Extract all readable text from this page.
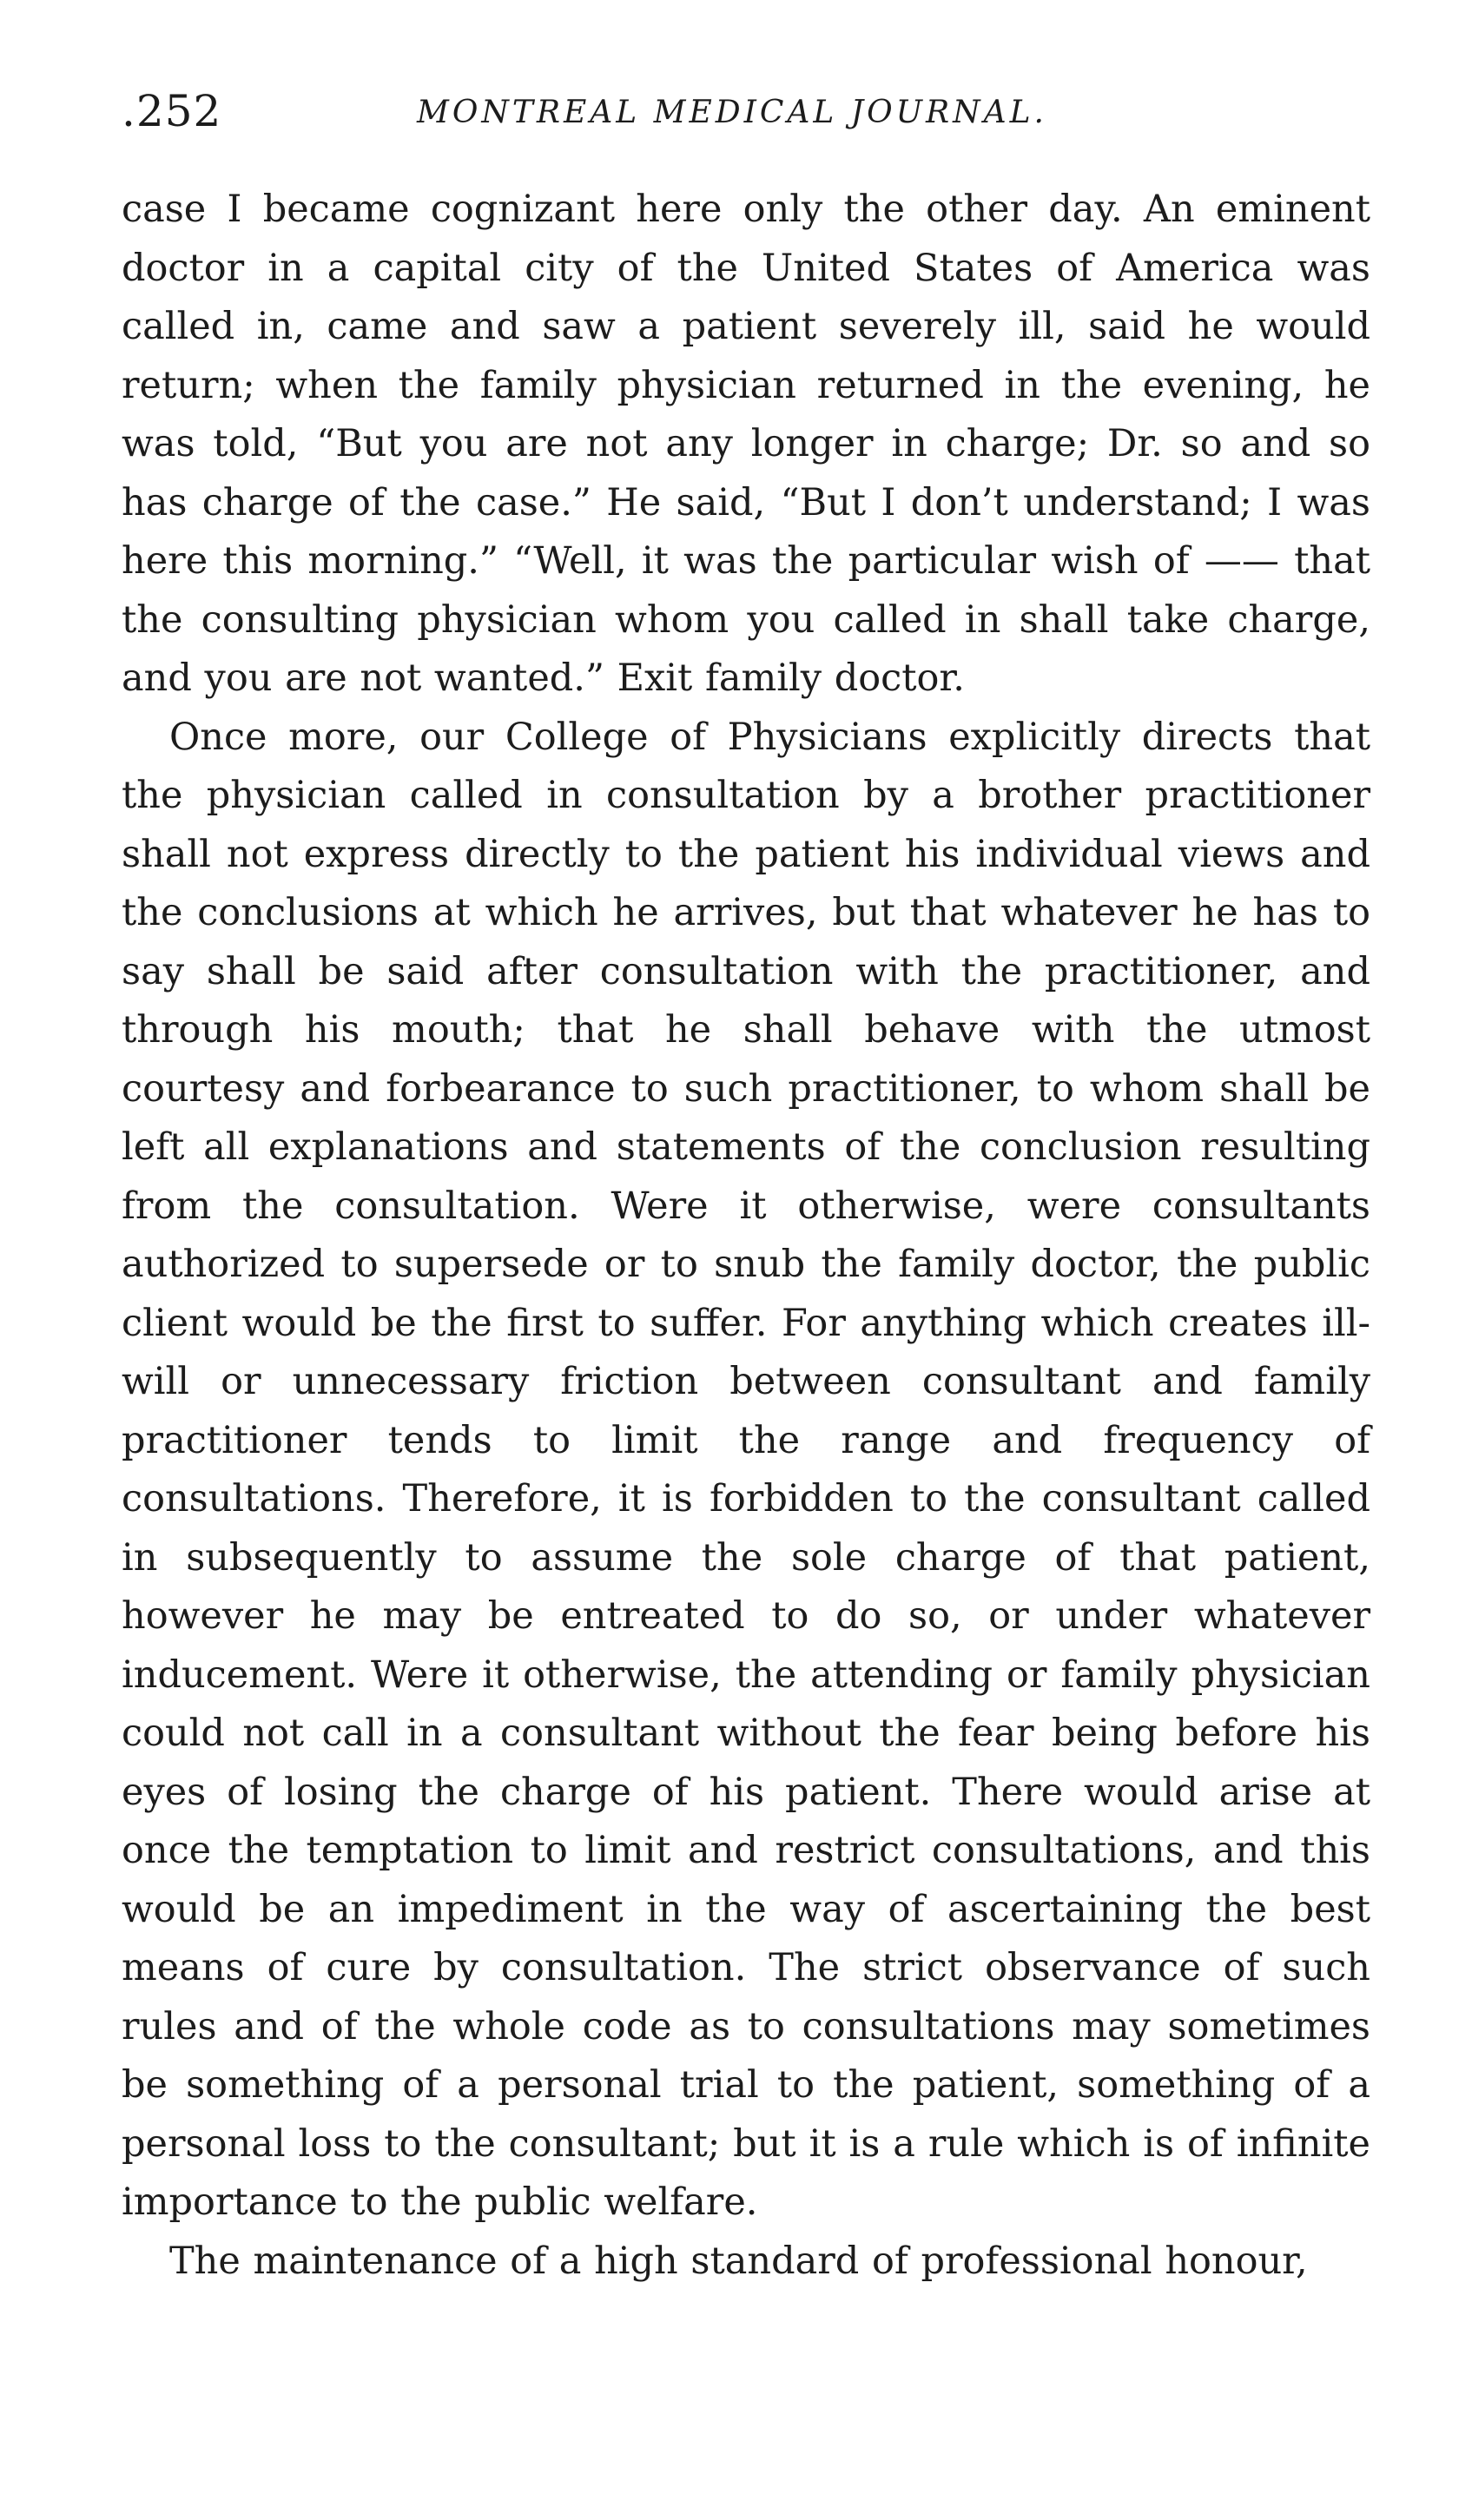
.252	MONTREAL MEDICAL JOURNAL.

case I became cognizant here only the other day. An eminent doctor in a capital city of the United States of America was called in, came and saw a patient severely ill, said he would return; when the family physician returned in the evening, he was told, “But you are not any longer in charge; Dr. so and so has charge of the case.” He said, “But I don’t understand; I was here this morning.” “Well, it was the particular wish of —— that the consulting physician whom you called in shall take charge, and you are not wanted.” Exit family doctor.

Once more, our College of Physicians explicitly directs that the physician called in consultation by a brother practitioner shall not express directly to the patient his individual views and the conclusions at which he arrives, but that whatever he has to say shall be said after consultation with the practitioner, and through his mouth; that he shall behave with the utmost courtesy and forbearance to such practitioner, to whom shall be left all explanations and statements of the conclusion resulting from the consultation. Were it otherwise, were consultants authorized to supersede or to snub the family doctor, the public client would be the first to suffer. For anything which creates ill-will or unnecessary friction between consultant and family practitioner tends to limit the range and frequency of consultations. Therefore, it is forbidden to the consultant called in subsequently to assume the sole charge of that patient, however he may be entreated to do so, or under whatever inducement. Were it otherwise, the attending or family physician could not call in a consultant without the fear being before his eyes of losing the charge of his patient. There would arise at once the temptation to limit and restrict consultations, and this would be an impediment in the way of ascertaining the best means of cure by consultation. The strict observance of such rules and of the whole code as to consultations may sometimes be something of a personal trial to the patient, something of a personal loss to the consultant; but it is a rule which is of infinite importance to the public welfare.

The maintenance of a high standard of professional honour,
